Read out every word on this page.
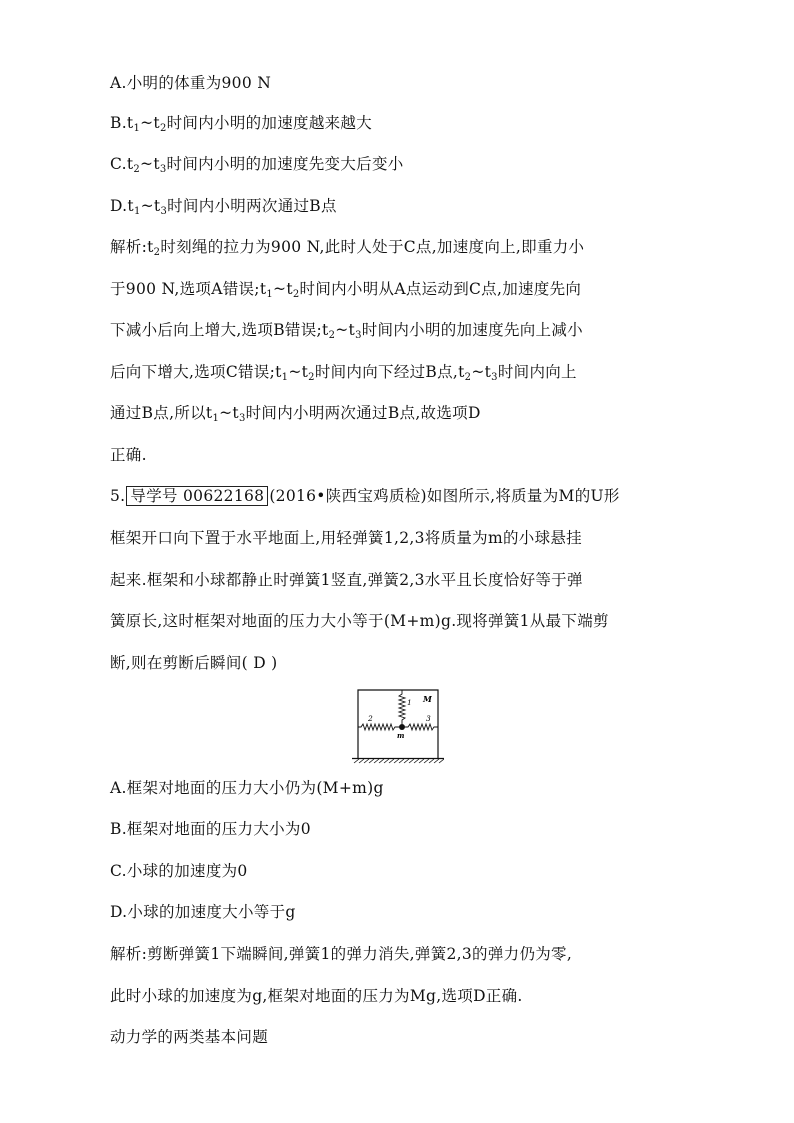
A.小明的体重为900 N
$B.t_1\sim t_2$时间内小明的加速度越来越大
$C.t_2\sim t_3$时间内小明的加速度先变大后变小
$D.t_1\sim t_3$时间内小明两次通过B点
解析$:t_2$时刻绳的拉力为900 N,此时人处于C点,加速度向上,即重力小
于900 N,选项A错误$;t_1\sim t_2$时间内小明从A点运动到C点,加速度先向
下减小后向上增大,选项B错误$;t_2\sim t_3$时间内小明的加速度先向上减小
后向下增大,选项C错误$;t_1\sim t_2$时间内向下经过B点$,t_2\sim t_3$时间内向上
通过B点,所以$t_1\sim t_3$时间内小明两次通过B点,故选项D
正确.
5. 导学号 00622168 (2016•陕西宝鸡质检)如图所示,将质量为M的U形
框架开口向下置于水平地面上,用轻弹簧1,2,3将质量为m的小球悬挂
起来.框架和小球都静止时弹簧1竖直,弹簧2,3水平且长度恰好等于弹
簧原长,这时框架对地面的压力大小等于(M+m)g.现将弹簧1从最下端剪
断,则在剪断后瞬间( D )
1
2	3
M
m
A.框架对地面的压力大小仍为(M+m)g
B.框架对地面的压力大小为0
C.小球的加速度为0
D.小球的加速度大小等于g
解析:剪断弹簧1下端瞬间,弹簧1的弹力消失,弹簧2,3的弹力仍为零,
此时小球的加速度为g,框架对地面的压力为Mg,选项D正确.
动力学的两类基本问题
